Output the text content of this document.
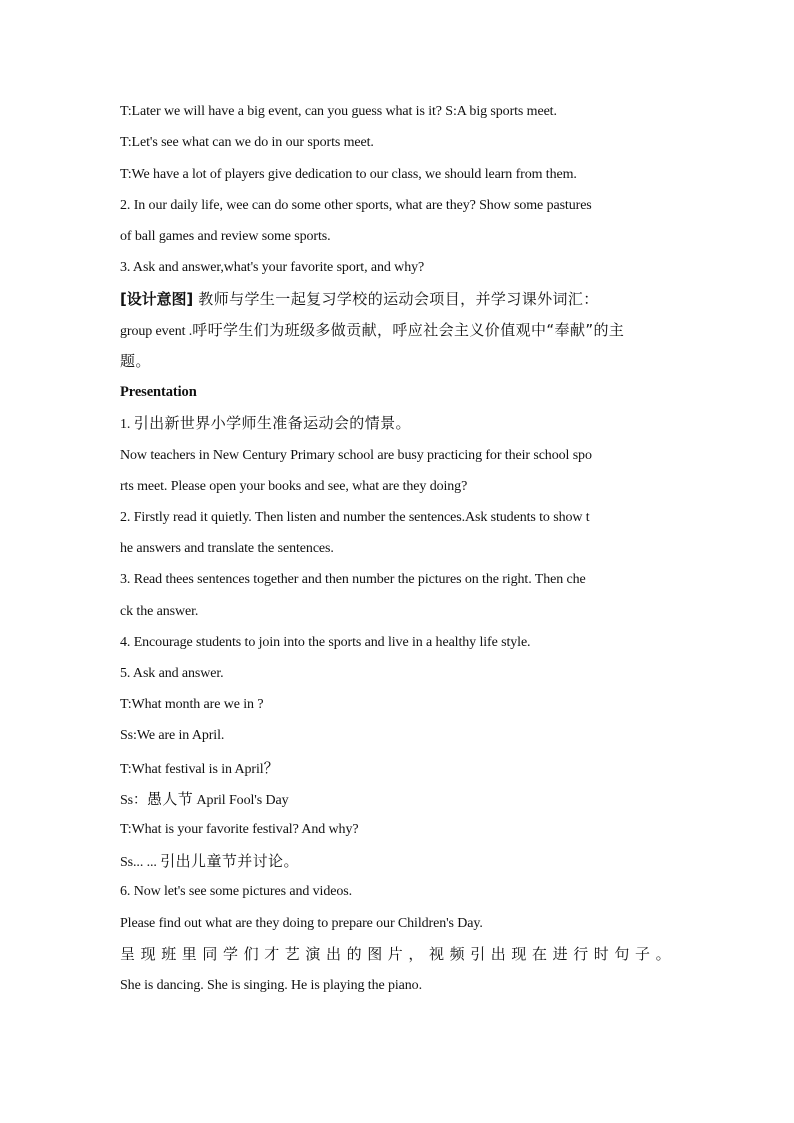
T:Later we will have a big event, can you guess what is it? S:A big sports meet.
T:Let's see what can we do in our sports meet.
T:We have a lot of players give dedication to our class, we should learn from them.
2. In our daily life, wee can do some other sports, what are they? Show some pastures
of ball games and review some sports.
3. Ask and answer,what's your favorite sport, and why?
[设计意图] 教师与学生一起复习学校的运动会项目，并学习课外词汇：
group event .呼吁学生们为班级多做贡献，呼应社会主义价值观中“奉献”的主
题。
Presentation
1. 引出新世界小学师生准备运动会的情景。
Now teachers in New Century Primary school are busy practicing for their school spo
rts meet. Please open your books and see, what are they doing?
2. Firstly read it quietly. Then listen and number the sentences.Ask students to show t
he answers and translate the sentences.
3. Read thees sentences together and then number the pictures on the right. Then che
ck the answer.
4. Encourage students to join into the sports and live in a healthy life style.
5. Ask and answer.
T:What month are we in ?
Ss:We are in April.
T:What festival is in April？
Ss：愚人节 April Fool's Day
T:What is your favorite festival? And why?
Ss... ... 引出儿童节并讨论。
6. Now let's see some pictures and videos.
Please find out what are they doing to prepare our Children's Day.
呈现班里同学们才艺演出的图片，视频引出现在进行时句子。
She is dancing. She is singing. He is playing the piano.
